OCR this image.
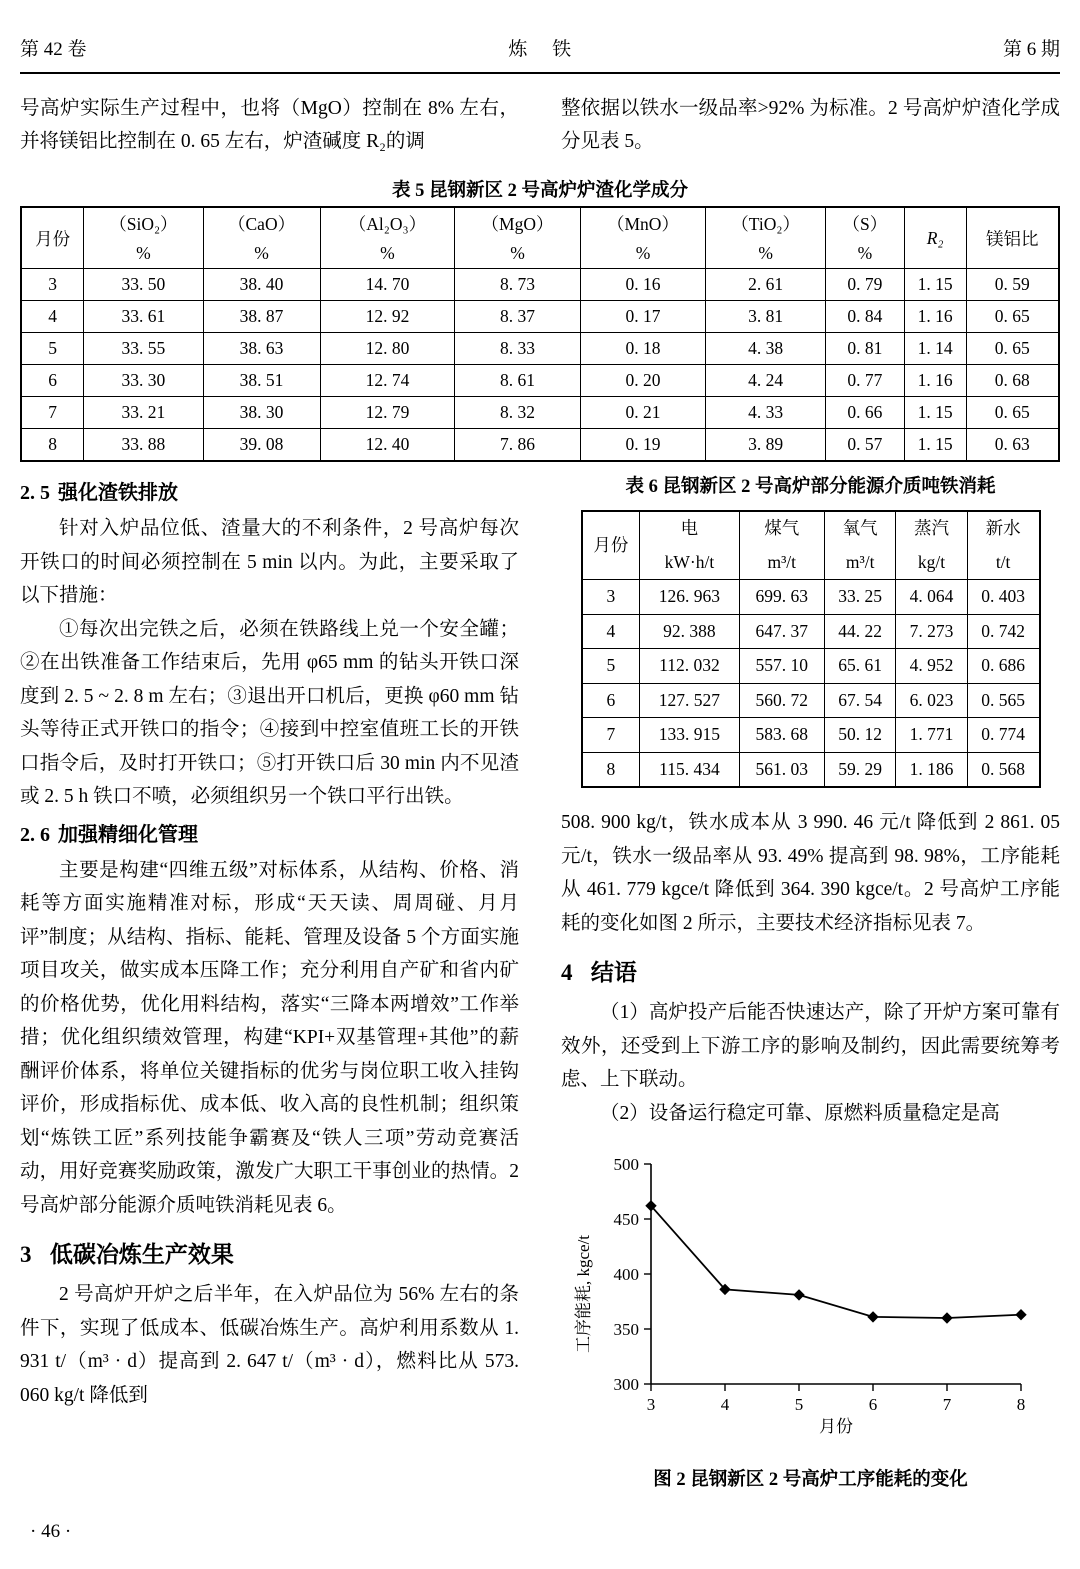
第 42 卷	炼 铁	第 6 期

号高炉实际生产过程中，也将（MgO）控制在 8% 左右，并将镁铝比控制在 0. 65 左右，炉渣碱度 R₂的调

整依据以铁水一级品率>92% 为标准。2 号高炉炉渣化学成分见表 5。

表 5 昆钢新区 2 号高炉炉渣化学成分
月份	（SiO₂）	（CaO）	（Al₂O₃）	（MgO）	（MnO）	（TiO₂）	（S）	R₂	镁铝比
	%	%	%	%	%	%	%		
3	33. 50	38. 40	14. 70	8. 73	0. 16	2. 61	0. 79	1. 15	0. 59
4	33. 61	38. 87	12. 92	8. 37	0. 17	3. 81	0. 84	1. 16	0. 65
5	33. 55	38. 63	12. 80	8. 33	0. 18	4. 38	0. 81	1. 14	0. 65
6	33. 30	38. 51	12. 74	8. 61	0. 20	4. 24	0. 77	1. 16	0. 68
7	33. 21	38. 30	12. 79	8. 32	0. 21	4. 33	0. 66	1. 15	0. 65
8	33. 88	39. 08	12. 40	7. 86	0. 19	3. 89	0. 57	1. 15	0. 63
2. 5 强化渣铁排放

针对入炉品位低、渣量大的不利条件，2 号高炉每次开铁口的时间必须控制在 5 min 以内。为此，主要采取了以下措施：

①每次出完铁之后，必须在铁路线上兑一个安全罐；②在出铁准备工作结束后，先用 φ65 mm 的钻头开铁口深度到 2. 5 ~ 2. 8 m 左右；③退出开口机后，更换 φ60 mm 钻头等待正式开铁口的指令；④接到中控室值班工长的开铁口指令后，及时打开铁口；⑤打开铁口后 30 min 内不见渣或 2. 5 h 铁口不喷，必须组织另一个铁口平行出铁。

2. 6 加强精细化管理

主要是构建“四维五级”对标体系，从结构、价格、消耗等方面实施精准对标，形成“天天读、周周碰、月月评”制度；从结构、指标、能耗、管理及设备 5 个方面实施项目攻关，做实成本压降工作；充分利用自产矿和省内矿的价格优势，优化用料结构，落实“三降本两增效”工作举措；优化组织绩效管理，构建“KPI+双基管理+其他”的薪酬评价体系，将单位关键指标的优劣与岗位职工收入挂钩评价，形成指标优、成本低、收入高的良性机制；组织策划“炼铁工匠”系列技能争霸赛及“铁人三项”劳动竞赛活动，用好竞赛奖励政策，激发广大职工干事创业的热情。2 号高炉部分能源介质吨铁消耗见表 6。

3 低碳冶炼生产效果

2 号高炉开炉之后半年，在入炉品位为 56% 左右的条件下，实现了低成本、低碳冶炼生产。高炉利用系数从 1. 931 t/（m³ · d）提高到 2. 647 t/（m³ · d），燃料比从 573. 060 kg/t 降低到

表 6 昆钢新区 2 号高炉部分能源介质吨铁消耗
月份	电	煤气	氧气	蒸汽	新水
	kW·h/t	m³/t	m³/t	kg/t	t/t
3	126. 963	699. 63	33. 25	4. 064	0. 403
4	92. 388	647. 37	44. 22	7. 273	0. 742
5	112. 032	557. 10	65. 61	4. 952	0. 686
6	127. 527	560. 72	67. 54	6. 023	0. 565
7	133. 915	583. 68	50. 12	1. 771	0. 774
8	115. 434	561. 03	59. 29	1. 186	0. 568

508. 900 kg/t，铁水成本从 3 990. 46 元/t 降低到 2 861. 05 元/t，铁水一级品率从 93. 49% 提高到 98. 98%，工序能耗从 461. 779 kgce/t 降低到 364. 390 kgce/t。2 号高炉工序能耗的变化如图 2 所示，主要技术经济指标见表 7。

4 结语

（1）高炉投产后能否快速达产，除了开炉方案可靠有效外，还受到上下游工序的影响及制约，因此需要统筹考虑、上下联动。

（2）设备运行稳定可靠、原燃料质量稳定是高

300
350
400
450
500
3	4	5	6	7	8
工序能耗, kgce/t
月份
图 2 昆钢新区 2 号高炉工序能耗的变化
· 46 ·
